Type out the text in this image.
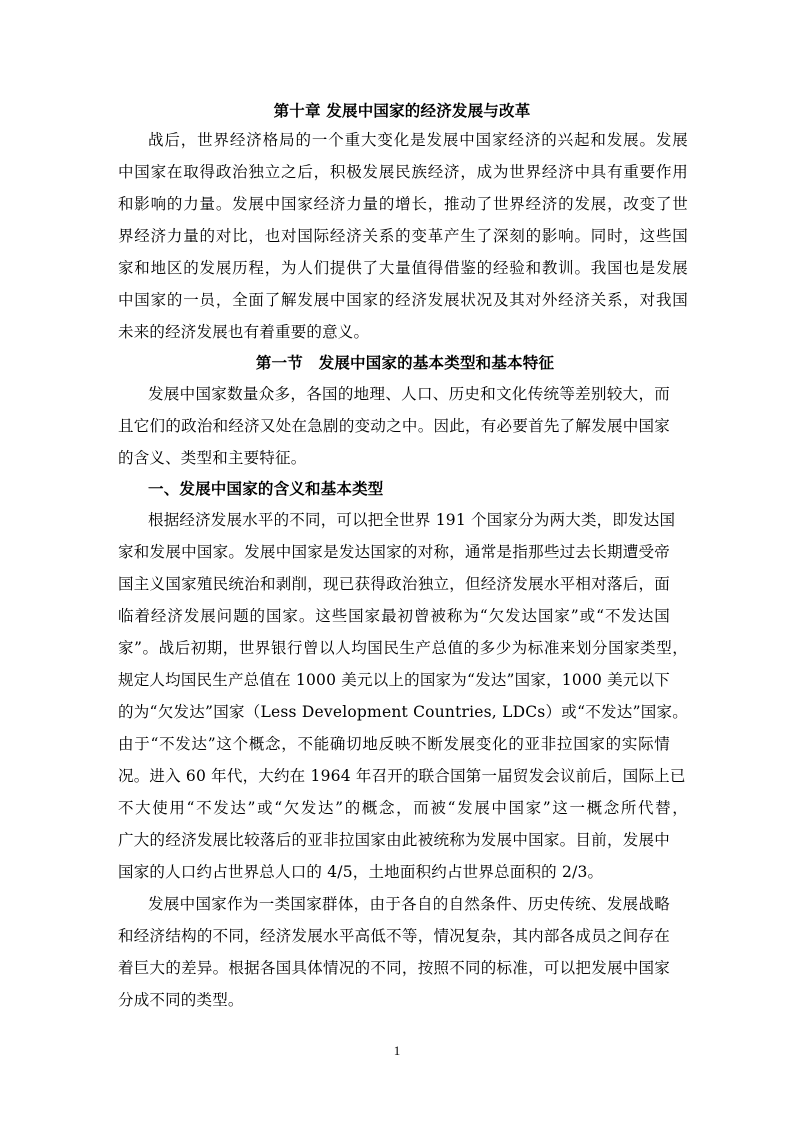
第十章 发展中国家的经济发展与改革
战后，世界经济格局的一个重大变化是发展中国家经济的兴起和发展。发展
中国家在取得政治独立之后，积极发展民族经济，成为世界经济中具有重要作用
和影响的力量。发展中国家经济力量的增长，推动了世界经济的发展，改变了世
界经济力量的对比，也对国际经济关系的变革产生了深刻的影响。同时，这些国
家和地区的发展历程，为人们提供了大量值得借鉴的经验和教训。我国也是发展
中国家的一员，全面了解发展中国家的经济发展状况及其对外经济关系，对我国
未来的经济发展也有着重要的意义。
第一节　发展中国家的基本类型和基本特征
发展中国家数量众多，各国的地理、人口、历史和文化传统等差别较大，而
且它们的政治和经济又处在急剧的变动之中。因此，有必要首先了解发展中国家
的含义、类型和主要特征。
一、发展中国家的含义和基本类型
根据经济发展水平的不同，可以把全世界 191 个国家分为两大类，即发达国
家和发展中国家。发展中国家是发达国家的对称，通常是指那些过去长期遭受帝
国主义国家殖民统治和剥削，现已获得政治独立，但经济发展水平相对落后，面
临着经济发展问题的国家。这些国家最初曾被称为“欠发达国家”或“不发达国
家”。战后初期，世界银行曾以人均国民生产总值的多少为标准来划分国家类型，
规定人均国民生产总值在 1000 美元以上的国家为“发达”国家，1000 美元以下
的为“欠发达”国家（Less Development Countries, LDCs）或“不发达”国家。
由于“不发达”这个概念，不能确切地反映不断发展变化的亚非拉国家的实际情
况。进入 60 年代，大约在 1964 年召开的联合国第一届贸发会议前后，国际上已
不大使用“不发达”或“欠发达”的概念，而被“发展中国家”这一概念所代替，
广大的经济发展比较落后的亚非拉国家由此被统称为发展中国家。目前，发展中
国家的人口约占世界总人口的 4/5，土地面积约占世界总面积的 2/3。
发展中国家作为一类国家群体，由于各自的自然条件、历史传统、发展战略
和经济结构的不同，经济发展水平高低不等，情况复杂，其内部各成员之间存在
着巨大的差异。根据各国具体情况的不同，按照不同的标准，可以把发展中国家
分成不同的类型。
1
